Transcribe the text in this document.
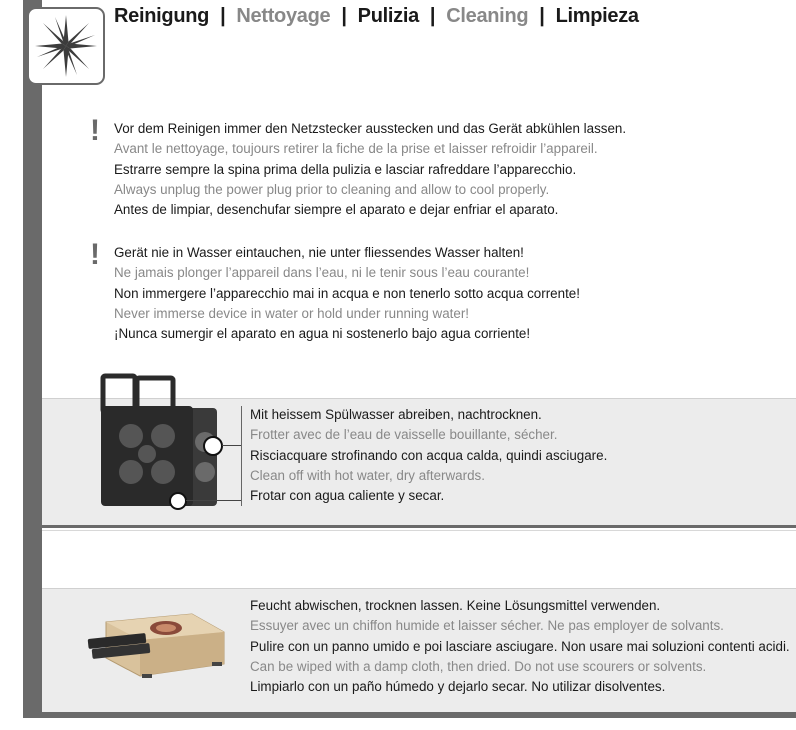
Reinigung | Nettoyage | Pulizia | Cleaning | Limpieza
! Vor dem Reinigen immer den Netzstecker ausstecken und das Gerät abkühlen lassen.
Avant le nettoyage, toujours retirer la fiche de la prise et laisser refroidir l’appareil.
Estrarre sempre la spina prima della pulizia e lasciar rafreddare l’apparecchio.
Always unplug the power plug prior to cleaning and allow to cool properly.
Antes de limpiar, desenchufar siempre el aparato e dejar enfriar el aparato.
! Gerät nie in Wasser eintauchen, nie unter fliessendes Wasser halten!
Ne jamais plonger l’appareil dans l’eau, ni le tenir sous l’eau courante!
Non immergere l’apparecchio mai in acqua e non tenerlo sotto acqua corrente!
Never immerse device in water or hold under running water!
¡Nunca sumergir el aparato en agua ni sostenerlo bajo agua corriente!
Mit heissem Spülwasser abreiben, nachtrocknen.
Frotter avec de l’eau de vaisselle bouillante, sécher.
Risciacquare strofinando con acqua calda, quindi asciugare.
Clean off with hot water, dry afterwards.
Frotar con agua caliente y secar.
Feucht abwischen, trocknen lassen. Keine Lösungsmittel verwenden.
Essuyer avec un chiffon humide et laisser sécher. Ne pas employer de solvants.
Pulire con un panno umido e poi lasciare asciugare. Non usare mai soluzioni contenti acidi.
Can be wiped with a damp cloth, then dried. Do not use scourers or solvents.
Limpiarlo con un paño húmedo y dejarlo secar. No utilizar disolventes.
